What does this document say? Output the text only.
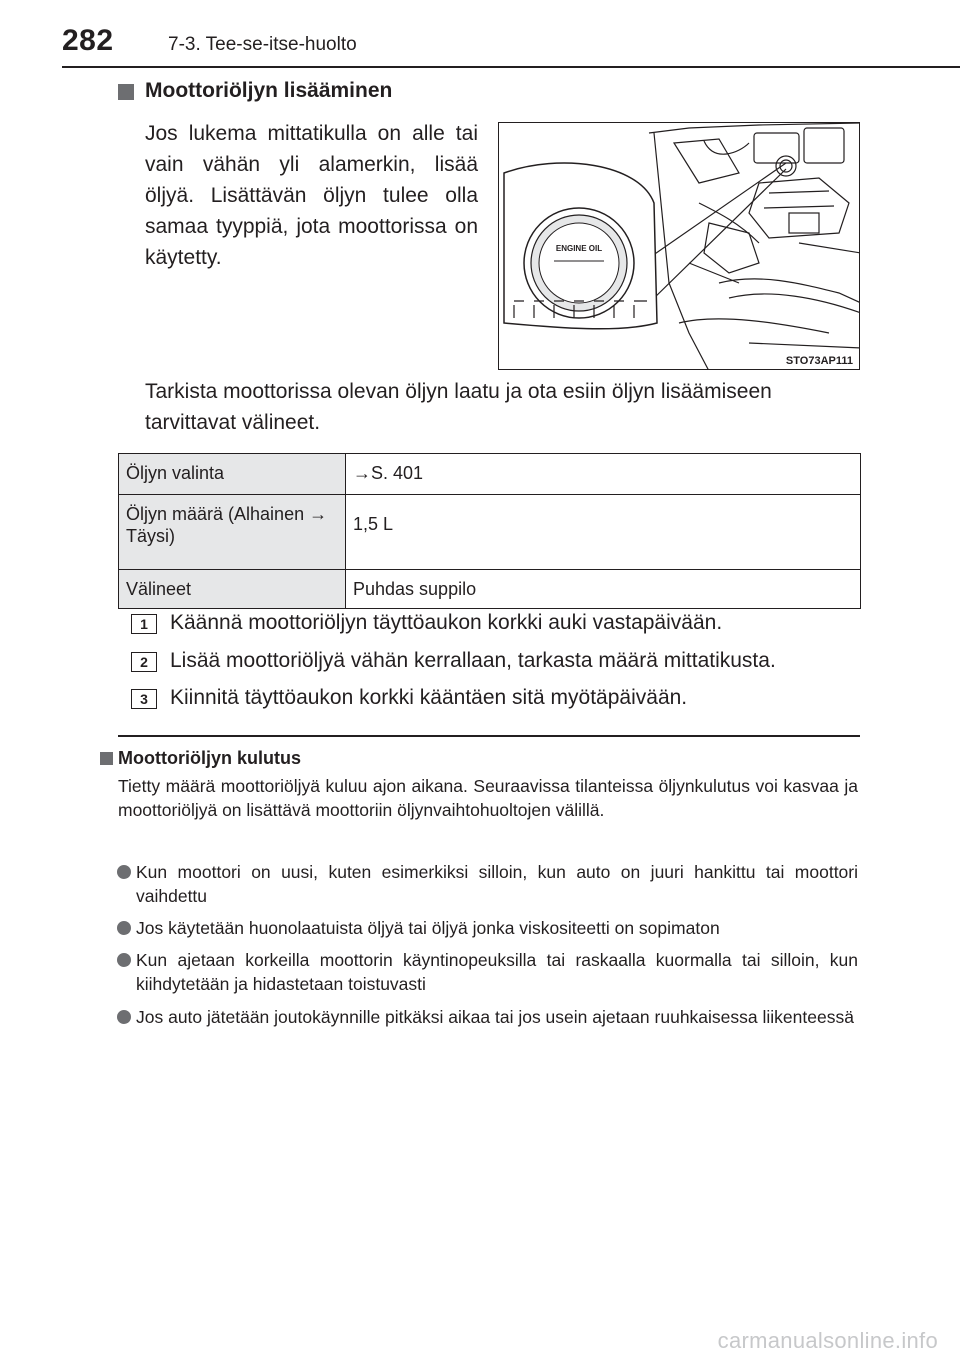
282	7-3. Tee-se-itse-huolto
Moottoriöljyn lisääminen

Jos lukema mittatikulla on alle tai vain vähän yli alamerkin, lisää öljyä. Lisättävän öljyn tulee olla samaa tyyppiä, jota moottorissa on käytetty.	ENGINE OIL
STO73AP111

Tarkista moottorissa olevan öljyn laatu ja ota esiin öljyn lisäämiseen tarvittavat välineet.

Öljyn valinta	→S. 401
Öljyn määrä (Alhainen → Täysi)	1,5 L
Välineet	Puhdas suppilo
1	Käännä moottoriöljyn täyttöaukon korkki auki vastapäivään.
2	Lisää moottoriöljyä vähän kerrallaan, tarkasta määrä mittatikusta.
3	Kiinnitä täyttöaukon korkki kääntäen sitä myötäpäivään.
Moottoriöljyn kulutus

Tietty määrä moottoriöljyä kuluu ajon aikana. Seuraavissa tilanteissa öljynkulutus voi kasvaa ja moottoriöljyä on lisättävä moottoriin öljynvaihtohuoltojen välillä.

Kun moottori on uusi, kuten esimerkiksi silloin, kun auto on juuri hankittu tai moottori vaihdettu
Jos käytetään huonolaatuista öljyä tai öljyä jonka viskositeetti on sopimaton
Kun ajetaan korkeilla moottorin käyntinopeuksilla tai raskaalla kuormalla tai silloin, kun kiihdytetään ja hidastetaan toistuvasti
Jos auto jätetään joutokäynnille pitkäksi aikaa tai jos usein ajetaan ruuhkaisessa liikenteessä
carmanualsonline.info
